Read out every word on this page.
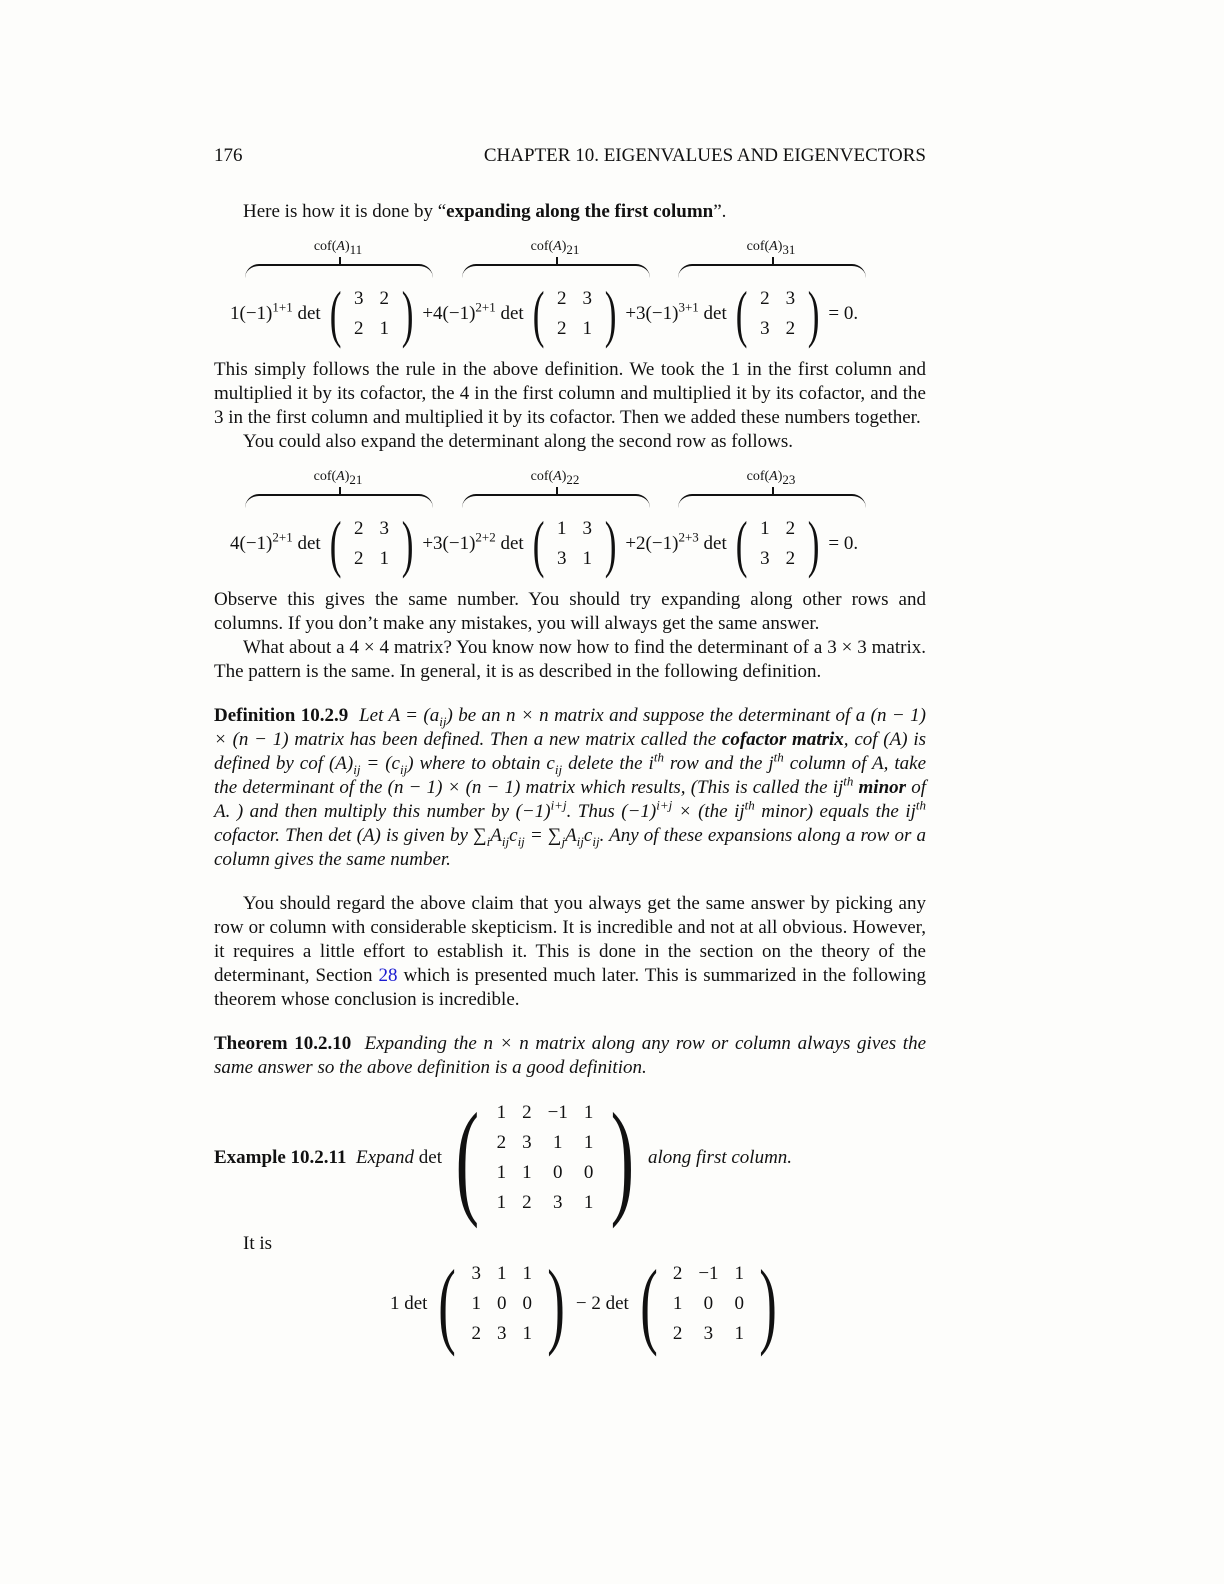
176	CHAPTER 10. EIGENVALUES AND EIGENVECTORS
Here is how it is done by “expanding along the first column”.
$cof(A)_{11}$	$cof(A)_{21}$	$cof(A)_{31}$
$1(-1)^{1+1}$ det ( 3	2
2	1 ) $+4(-1)^{2+1}$ det ( 2	3
2	1 ) $+3(-1)^{3+1}$ det ( 2	3
3	2 ) = 0.
This simply follows the rule in the above definition. We took the 1 in the first column and multiplied it by its cofactor, the 4 in the first column and multiplied it by its cofactor, and the 3 in the first column and multiplied it by its cofactor. Then we added these numbers together.
You could also expand the determinant along the second row as follows.
$cof(A)_{21}$	$cof(A)_{22}$	$cof(A)_{23}$
$4(-1)^{2+1}$ det ( 2	3
2	1 ) $+3(-1)^{2+2}$ det ( 1	3
3	1 ) $+2(-1)^{2+3}$ det ( 1	2
3	2 ) = 0.
Observe this gives the same number. You should try expanding along other rows and columns. If you don’t make any mistakes, you will always get the same answer.
What about a 4 × 4 matrix? You know now how to find the determinant of a 3 × 3 matrix. The pattern is the same. In general, it is as described in the following definition.
Definition 10.2.9 Let $A = (a_{ij})$ be an n × n matrix and suppose the determinant of a (n − 1) × (n − 1) matrix has been defined. Then a new matrix called the cofactor matrix, cof (A) is defined by cof $(A)_{ij} = (c_{ij})$ where to obtain $c_{ij}$ delete the $i^{th}$ row and the $j^{th}$ column of A, take the determinant of the (n − 1) × (n − 1) matrix which results, (This is called the $ij^{th}$ minor of A. ) and then multiply this number by $(-1)^{i+j}$. Thus $(-1)^{i+j} \times (the$ $ij^{th}$ minor) equals the $ij^{th}$ cofactor. Then det (A) is given by $\sum_iA_{ij}c_{ij} = \sum_jA_{ij}c_{ij}$. Any of these expansions along a row or a column gives the same number.
You should regard the above claim that you always get the same answer by picking any row or column with considerable skepticism. It is incredible and not at all obvious. However, it requires a little effort to establish it. This is done in the section on the theory of the determinant, Section 28 which is presented much later. This is summarized in the following theorem whose conclusion is incredible.
Theorem 10.2.10 Expanding the n × n matrix along any row or column always gives the same answer so the above definition is a good definition.
Example 10.2.11
Expand
det ( 1	2	−1	1
2	3	1	1
1	1	0	0
1	2	3	1 ) along first column.
It is
1 det ( 3	1	1
1	0	0
2	3	1 ) − 2 det ( 2	−1	1
1	0	0
2	3	1 )
